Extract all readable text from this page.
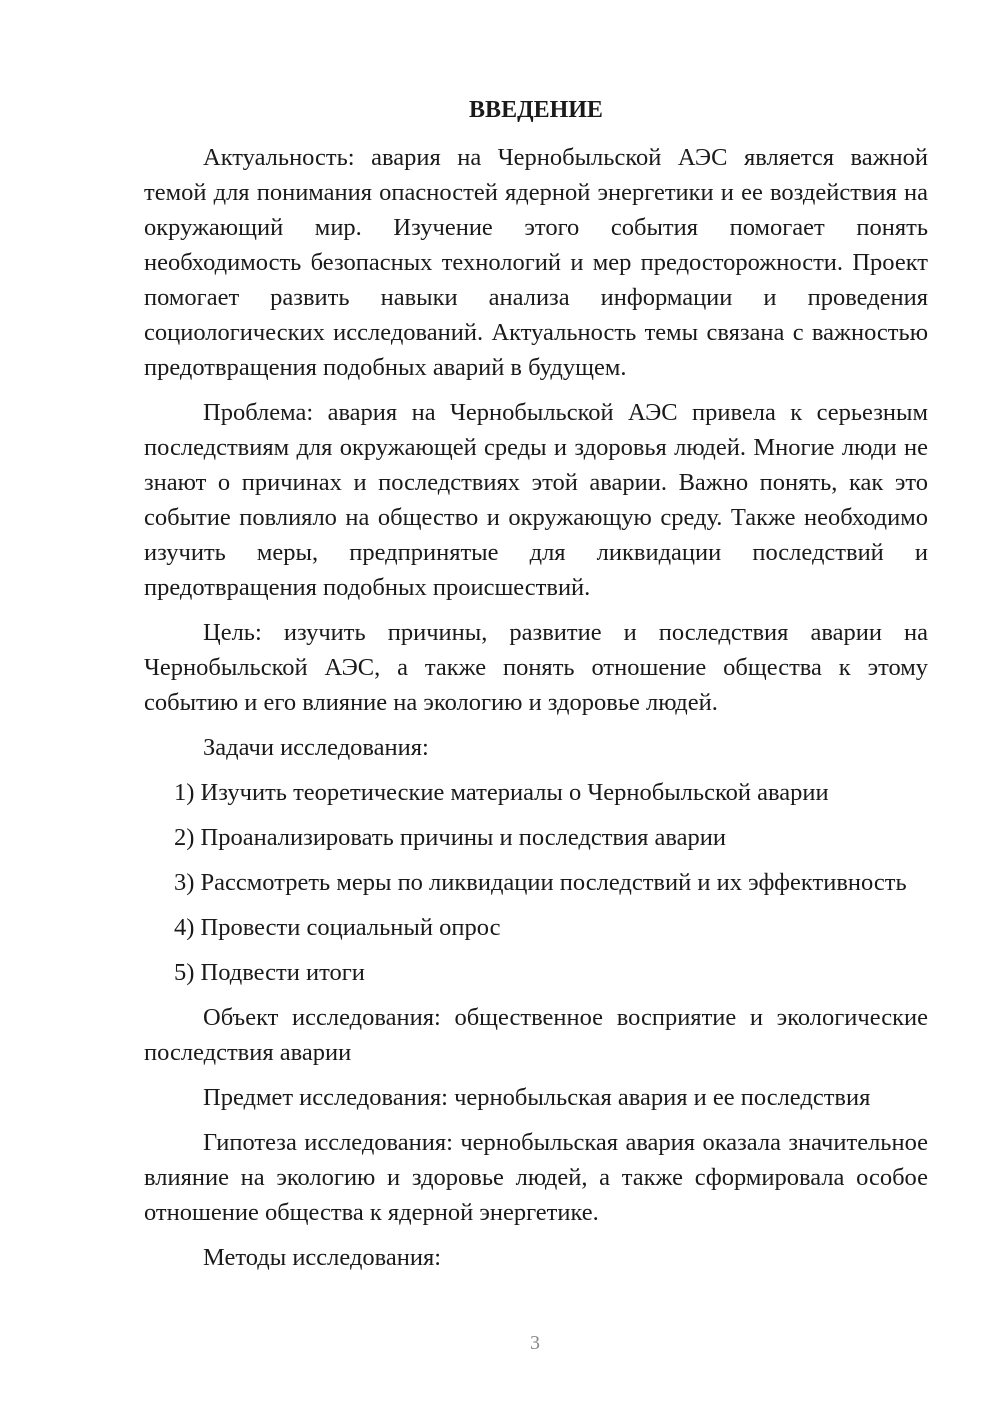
ВВЕДЕНИЕ

Актуальность: авария на Чернобыльской АЭС является важной темой для понимания опасностей ядерной энергетики и ее воздействия на окружающий мир. Изучение этого события помогает понять необходимость безопасных технологий и мер предосторожности. Проект помогает развить навыки анализа информации и проведения социологических исследований. Актуальность темы связана с важностью предотвращения подобных аварий в будущем.

Проблема: авария на Чернобыльской АЭС привела к серьезным последствиям для окружающей среды и здоровья людей. Многие люди не знают о причинах и последствиях этой аварии. Важно понять, как это событие повлияло на общество и окружающую среду. Также необходимо изучить меры, предпринятые для ликвидации последствий и предотвращения подобных происшествий.

Цель: изучить причины, развитие и последствия аварии на Чернобыльской АЭС, а также понять отношение общества к этому событию и его влияние на экологию и здоровье людей.

Задачи исследования:

1) Изучить теоретические материалы о Чернобыльской аварии
2) Проанализировать причины и последствия аварии
3) Рассмотреть меры по ликвидации последствий и их эффективность
4) Провести социальный опрос
5) Подвести итоги

Объект исследования: общественное восприятие и экологические последствия аварии

Предмет исследования: чернобыльская авария и ее последствия

Гипотеза исследования: чернобыльская авария оказала значительное влияние на экологию и здоровье людей, а также сформировала особое отношение общества к ядерной энергетике.

Методы исследования:

3
